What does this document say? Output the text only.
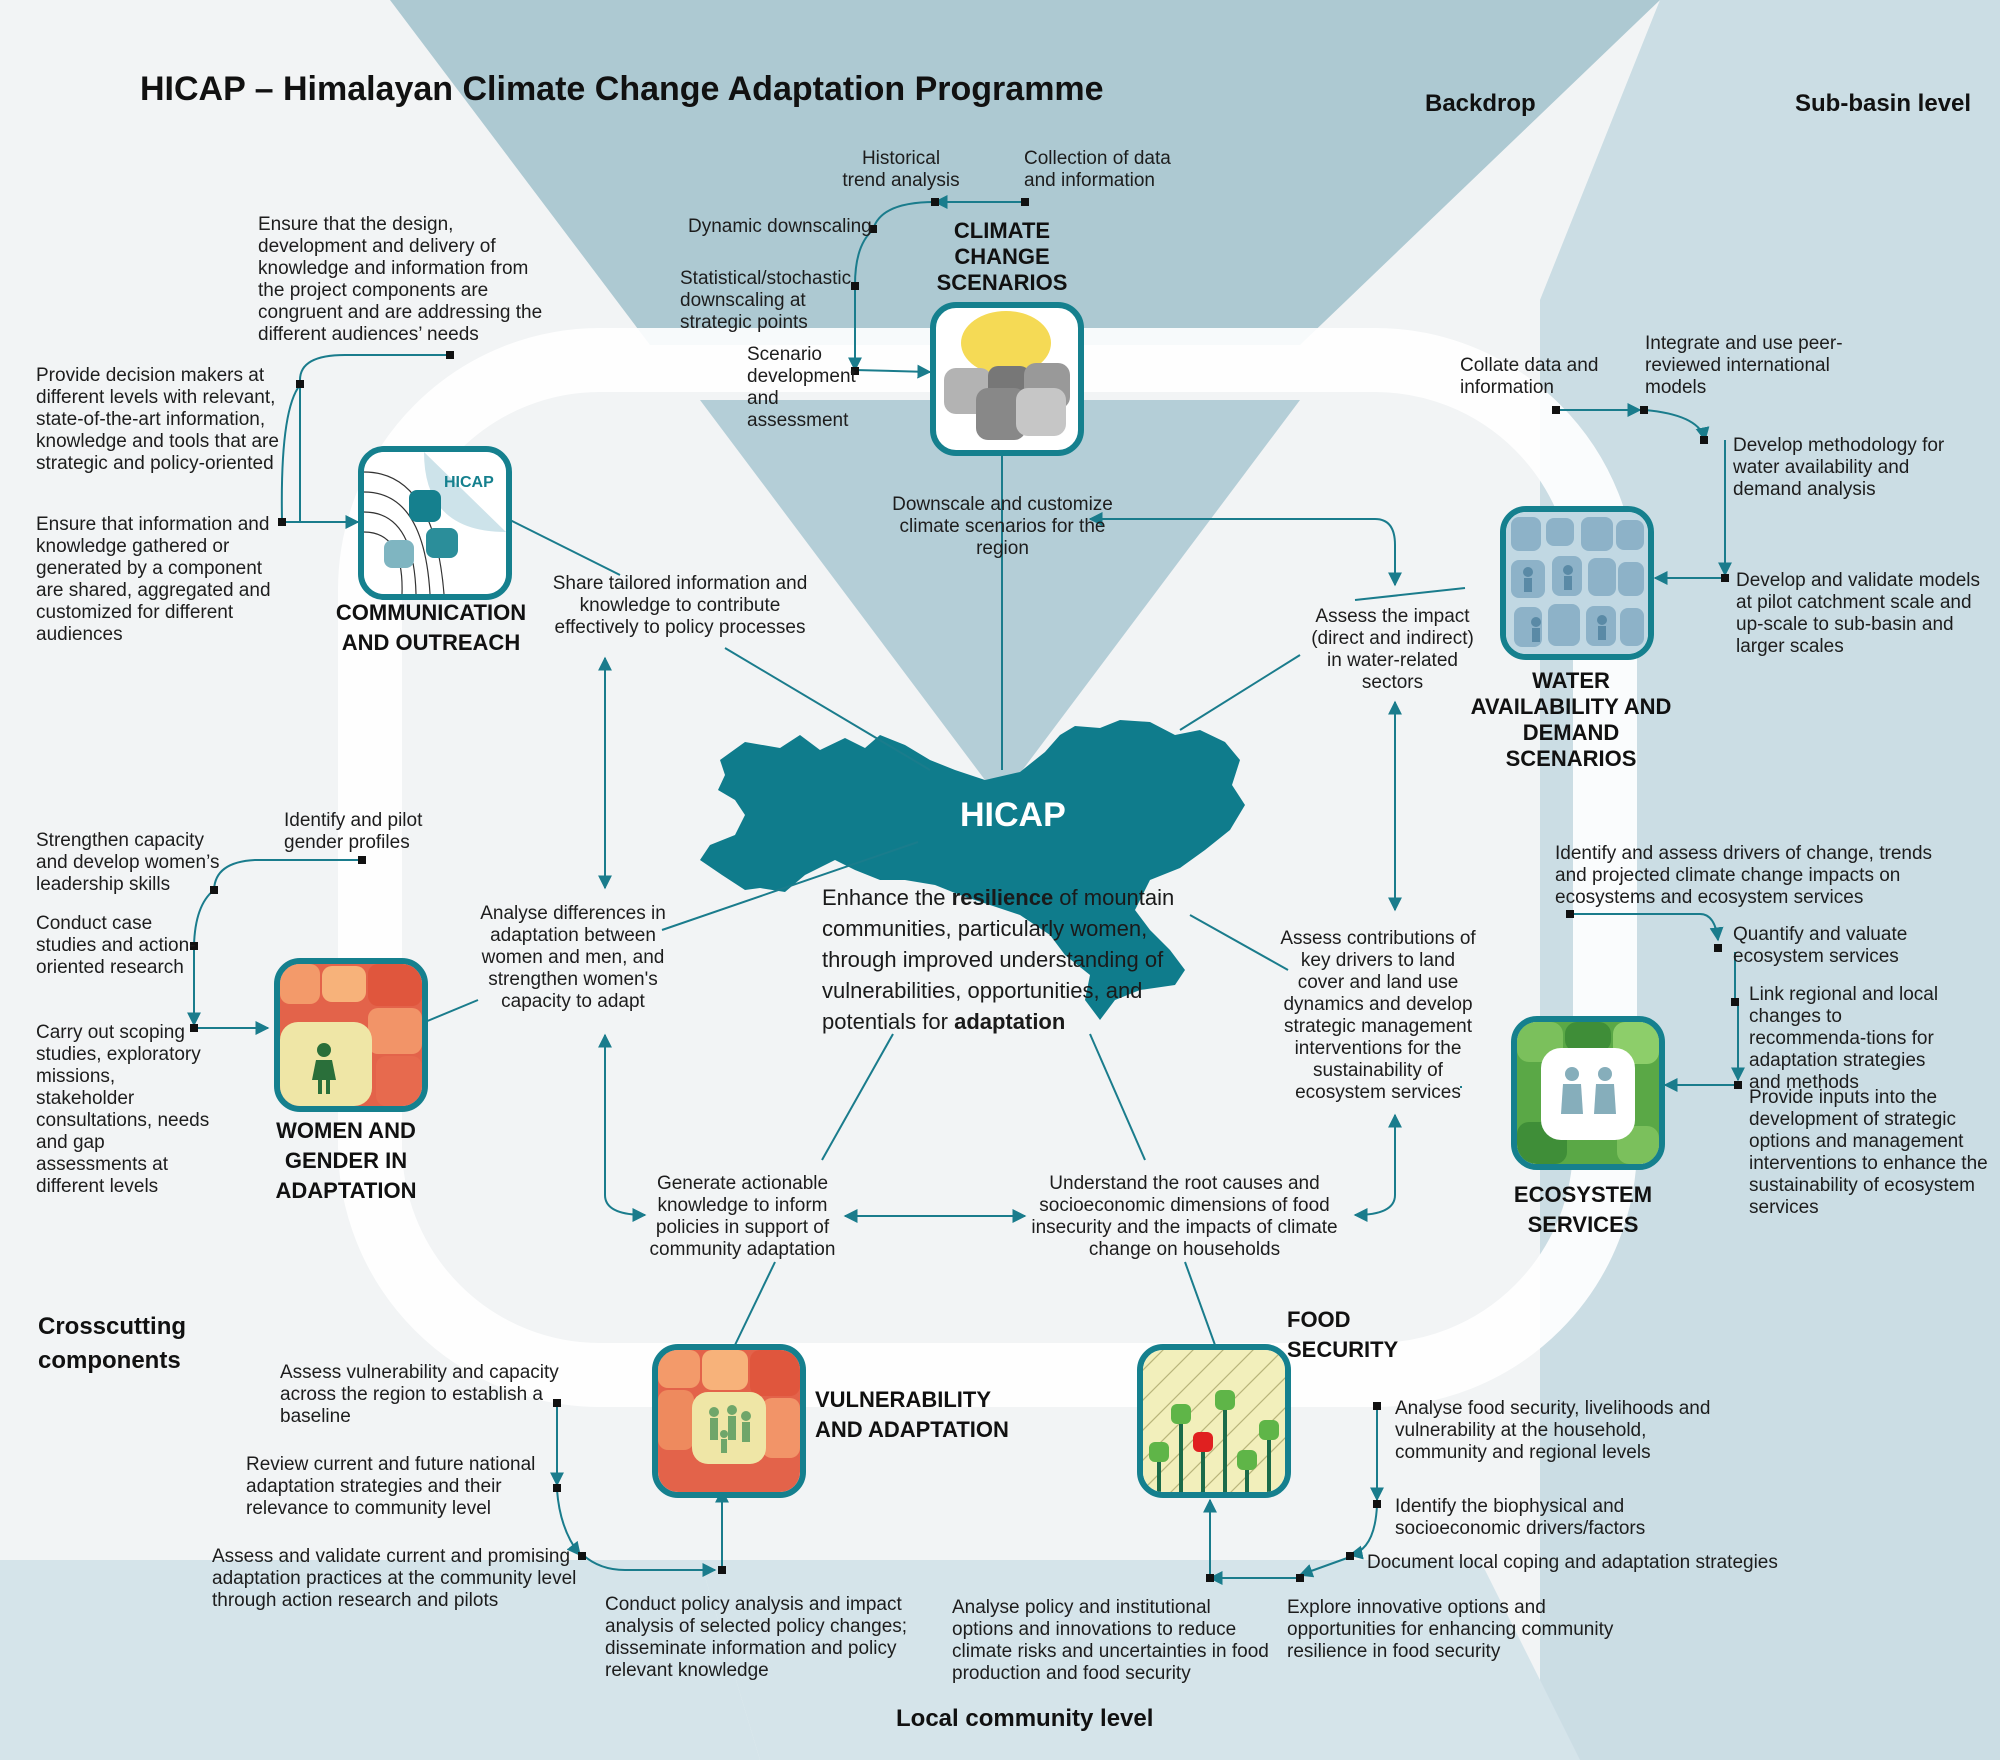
HICAP – Himalayan Climate Change Adaptation Programme	Backdrop	Sub-basin level
Crosscutting components
Local community level
HICAP
HICAP
Enhance the resilience of mountain communities, particularly women, through improved understanding of vulnerabilities, opportunities, and potentials for adaptation
CLIMATE CHANGE SCENARIOS
COMMUNICATION AND OUTREACH
WATER AVAILABILITY AND DEMAND SCENARIOS
WOMEN AND GENDER IN ADAPTATION	ECOSYSTEM SERVICES
VULNERABILITY AND ADAPTATION
FOOD SECURITY
Historical trend analysis
Collection of data and information
Dynamic downscaling
Statistical/stochastic downscaling at strategic points
Scenario development and assessment
Downscale and customize climate scenarios for the region
Ensure that the design, development and delivery of knowledge and information from the project components are congruent and are addressing the different audiences’ needs
Provide decision makers at different levels with relevant, state-of-the-art information, knowledge and tools that are strategic and policy-oriented
Ensure that information and knowledge gathered or generated by a component are shared, aggregated and customized for different audiences
Share tailored information and knowledge to contribute effectively to policy processes
Identify and pilot gender profiles
Strengthen capacity and develop women’s leadership skills
Conduct case studies and action-oriented research
Carry out scoping studies, exploratory missions, stakeholder consultations, needs and gap assessments at different levels
Analyse differences in adaptation between women and men, and strengthen women's capacity to adapt
Collate data and information
Integrate and use peer-reviewed international models
Develop methodology for water availability and demand analysis
Develop and validate models at pilot catchment scale and up-scale to sub-basin and larger scales
Assess the impact (direct and indirect) in water-related sectors
Identify and assess drivers of change, trends and projected climate change impacts on ecosystems and ecosystem services
Quantify and valuate ecosystem services
Link regional and local changes to recommenda-tions for adaptation strategies and methods
Provide inputs into the development of strategic options and management interventions to enhance the sustainability of ecosystem services
Assess contributions of key drivers to land cover and land use dynamics and develop strategic management interventions for the sustainability of ecosystem services
Generate actionable knowledge to inform policies in support of community adaptation
Understand the root causes and socioeconomic dimensions of food insecurity and the impacts of climate change on households
Assess vulnerability and capacity across the region to establish a baseline
Review current and future national adaptation strategies and their relevance to community level
Assess and validate current and promising adaptation practices at the community level through action research and pilots	Conduct policy analysis and impact analysis of selected policy changes; disseminate information and policy relevant knowledge
Analyse food security, livelihoods and vulnerability at the household, community and regional levels
Identify the biophysical and socioeconomic drivers/factors
Document local coping and adaptation strategies
Explore innovative options and opportunities for enhancing community resilience in food security
Analyse policy and institutional options and innovations to reduce climate risks and uncertainties in food production and food security
